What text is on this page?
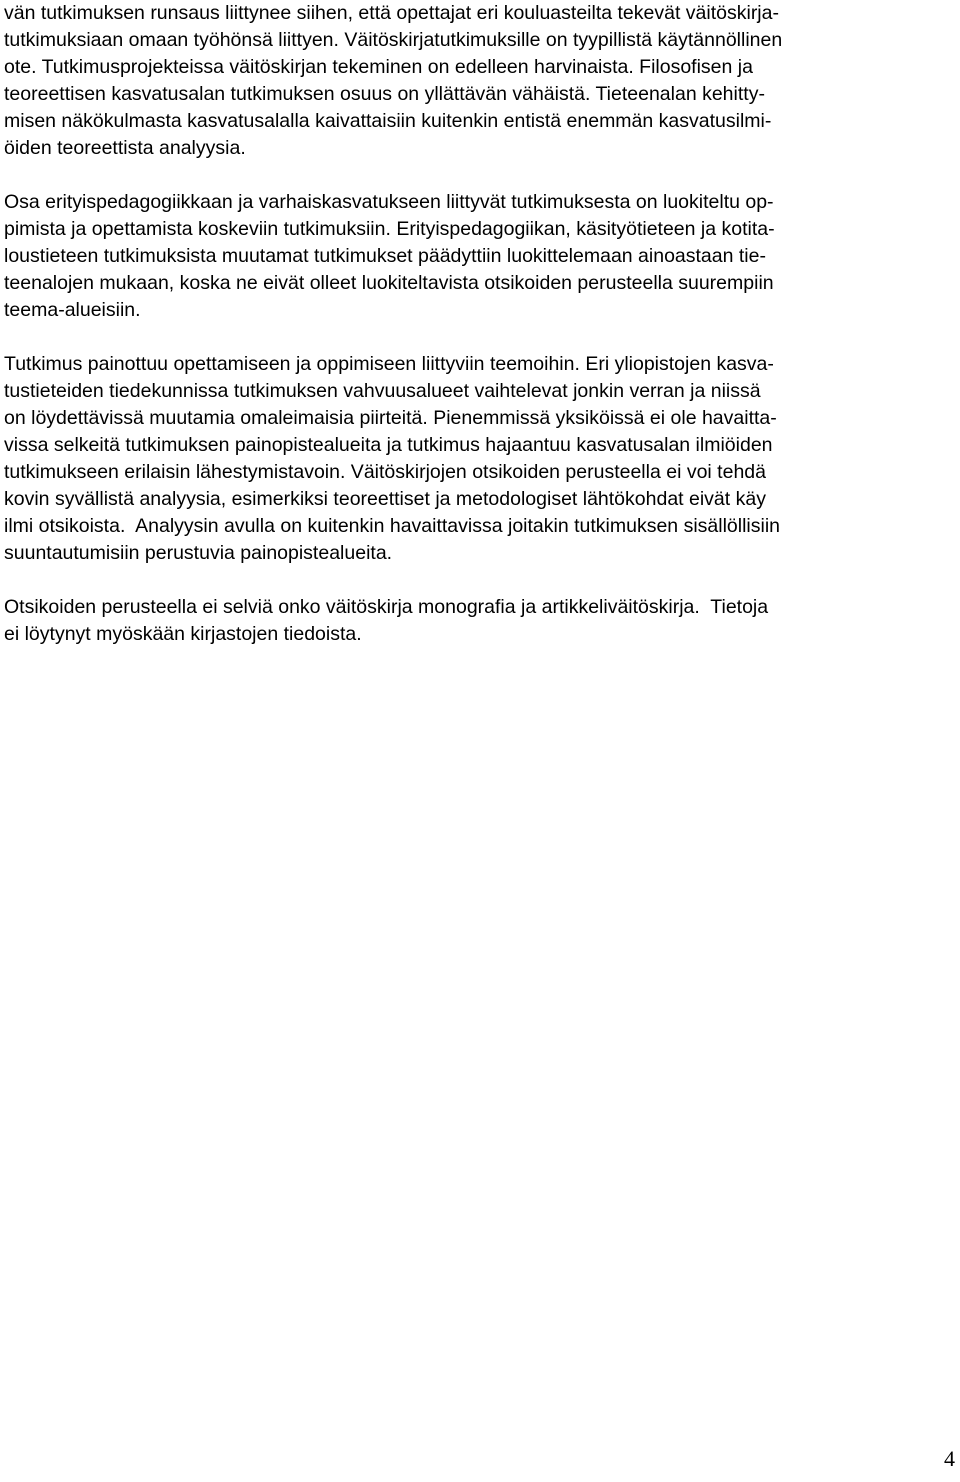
vän tutkimuksen runsaus liittynee siihen, että opettajat eri kouluasteilta tekevät väitöskirja-
tutkimuksiaan omaan työhönsä liittyen. Väitöskirjatutkimuksille on tyypillistä käytännöllinen
ote. Tutkimusprojekteissa väitöskirjan tekeminen on edelleen harvinaista. Filosofisen ja
teoreettisen kasvatusalan tutkimuksen osuus on yllättävän vähäistä. Tieteenalan kehitty-
misen näkökulmasta kasvatusalalla kaivattaisiin kuitenkin entistä enemmän kasvatusilmi-
öiden teoreettista analyysia.
Osa erityispedagogiikkaan ja varhaiskasvatukseen liittyvät tutkimuksesta on luokiteltu op-
pimista ja opettamista koskeviin tutkimuksiin. Erityispedagogiikan, käsityötieteen ja kotita-
loustieteen tutkimuksista muutamat tutkimukset päädyttiin luokittelemaan ainoastaan tie-
teenalojen mukaan, koska ne eivät olleet luokiteltavista otsikoiden perusteella suurempiin
teema-alueisiin.
Tutkimus painottuu opettamiseen ja oppimiseen liittyviin teemoihin. Eri yliopistojen kasva-
tustieteiden tiedekunnissa tutkimuksen vahvuusalueet vaihtelevat jonkin verran ja niissä
on löydettävissä muutamia omaleimaisia piirteitä. Pienemmissä yksiköissä ei ole havaitta-
vissa selkeitä tutkimuksen painopistealueita ja tutkimus hajaantuu kasvatusalan ilmiöiden
tutkimukseen erilaisin lähestymistavoin. Väitöskirjojen otsikoiden perusteella ei voi tehdä
kovin syvällistä analyysia, esimerkiksi teoreettiset ja metodologiset lähtökohdat eivät käy
ilmi otsikoista.  Analyysin avulla on kuitenkin havaittavissa joitakin tutkimuksen sisällöllisiin
suuntautumisiin perustuvia painopistealueita.
Otsikoiden perusteella ei selviä onko väitöskirja monografia ja artikkeliväitöskirja.  Tietoja
ei löytynyt myöskään kirjastojen tiedoista.
4
